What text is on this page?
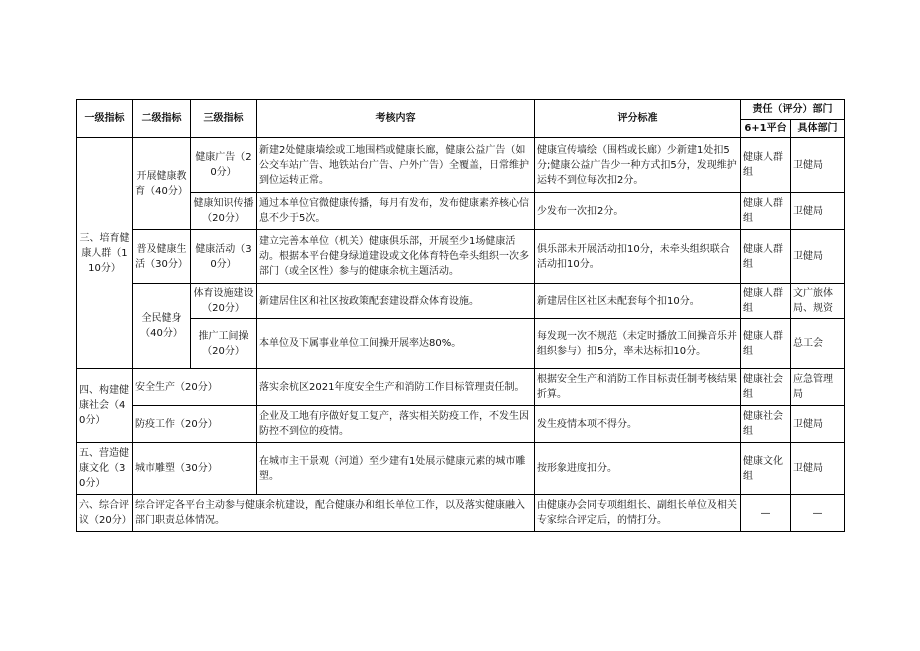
一级指标	二级指标	三级指标	考核内容	评分标准	责任（评分）部门	
					6+1平台	具体部门
三、培育健康人群（110分）	开展健康教育（40分）	健康广告（20分）	新建2处健康墙绘或工地围档或健康长廊，健康公益广告（如公交车站广告、地铁站台广告、户外广告）全覆盖，日常维护到位运转正常。	健康宣传墙绘（围档或长廊）少新建1处扣5分;健康公益广告少一种方式扣5分，发现维护运转不到位每次扣2分。	健康人群组	卫健局
		健康知识传播（20分）	通过本单位官微健康传播，每月有发布，发布健康素养核心信息不少于5次。	少发布一次扣2分。	健康人群组	卫健局
	普及健康生活（30分）	健康活动（30分）	建立完善本单位（机关）健康俱乐部，开展至少1场健康活动。根据本平台健身绿道建设或文化体育特色牵头组织一次多部门（或全区性）参与的健康余杭主题活动。	俱乐部未开展活动扣10分，未牵头组织联合活动扣10分。	健康人群组	卫健局
	全民健身（40分）	体育设施建设（20分）	新建居住区和社区按政策配套建设群众体育设施。	新建居住区社区未配套每个扣10分。	健康人群组	文广旅体局、规资
		推广工间操（20分）	本单位及下属事业单位工间操开展率达80%。	每发现一次不规范（未定时播放工间操音乐并组织参与）扣5分，率未达标扣10分。	健康人群组	总工会
四、构建健康社会（40分）	安全生产（20分）		落实余杭区2021年度安全生产和消防工作目标管理责任制。	根据安全生产和消防工作目标责任制考核结果折算。	健康社会组	应急管理局
	防疫工作（20分）		企业及工地有序做好复工复产，落实相关防疫工作，不发生因防控不到位的疫情。	发生疫情本项不得分。	健康社会组	卫健局
五、营造健康文化（30分）	城市雕塑（30分）		在城市主干景观（河道）至少建有1处展示健康元素的城市雕塑。	按形象进度扣分。	健康文化组	卫健局
六、综合评议（20分）	综合评定各平台主动参与健康余杭建设，配合健康办和组长单位工作，以及落实健康融入部门职责总体情况。			由健康办会同专项组组长、副组长单位及相关专家综合评定后，的情打分。	—	—
